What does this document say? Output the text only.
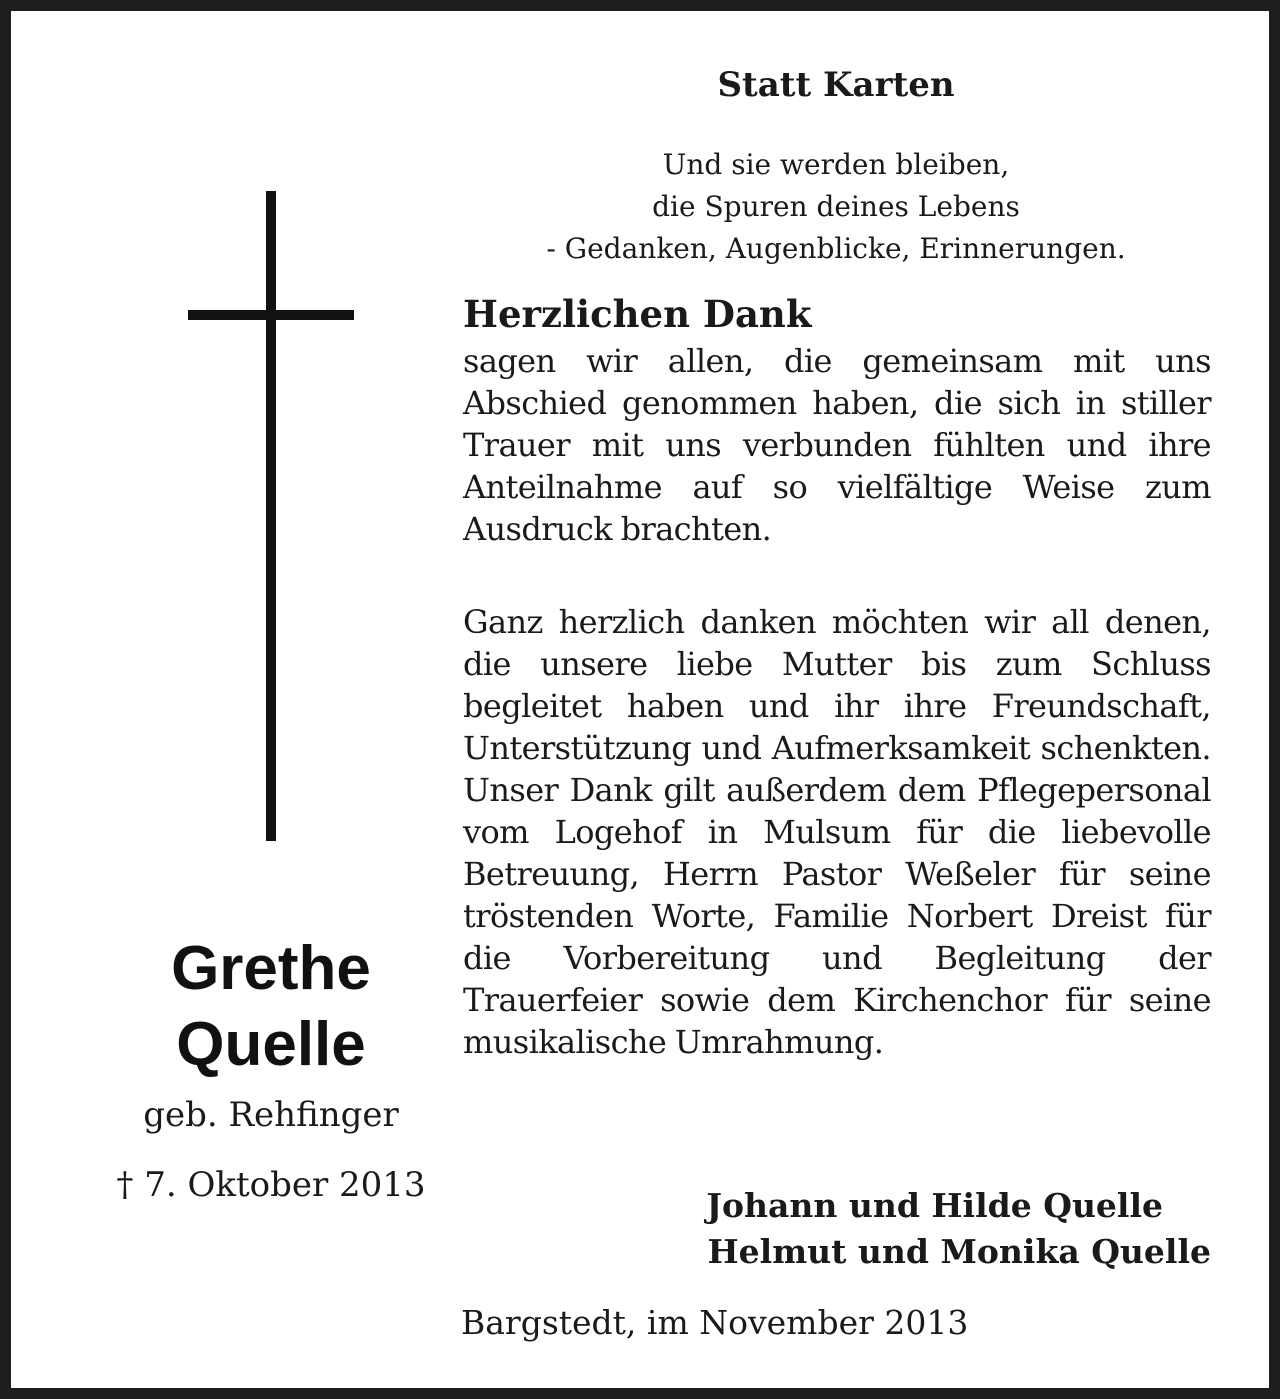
Grethe
Quelle
geb. Rehfinger
† 7. Oktober 2013
Statt Karten
Und sie werden bleiben,
die Spuren deines Lebens
- Gedanken, Augenblicke, Erinnerungen.
Herzlichen Dank
sagen wir allen, die gemeinsam mit uns Abschied genommen haben, die sich in stiller Trauer mit uns verbunden fühlten und ihre Anteilnahme auf so vielfältige Weise zum Ausdruck brachten.
Ganz herzlich danken möchten wir all denen, die unsere liebe Mutter bis zum Schluss begleitet haben und ihr ihre Freundschaft, Unterstützung und Aufmerksamkeit schenkten. Unser Dank gilt außerdem dem Pflegepersonal vom Logehof in Mulsum für die liebevolle Betreuung, Herrn Pastor Weßeler für seine tröstenden Worte, Familie Norbert Dreist für die Vorbereitung und Begleitung der Trauerfeier sowie dem Kirchenchor für seine musikalische Umrahmung.
Johann und Hilde Quelle
Helmut und Monika Quelle
Bargstedt, im November 2013
